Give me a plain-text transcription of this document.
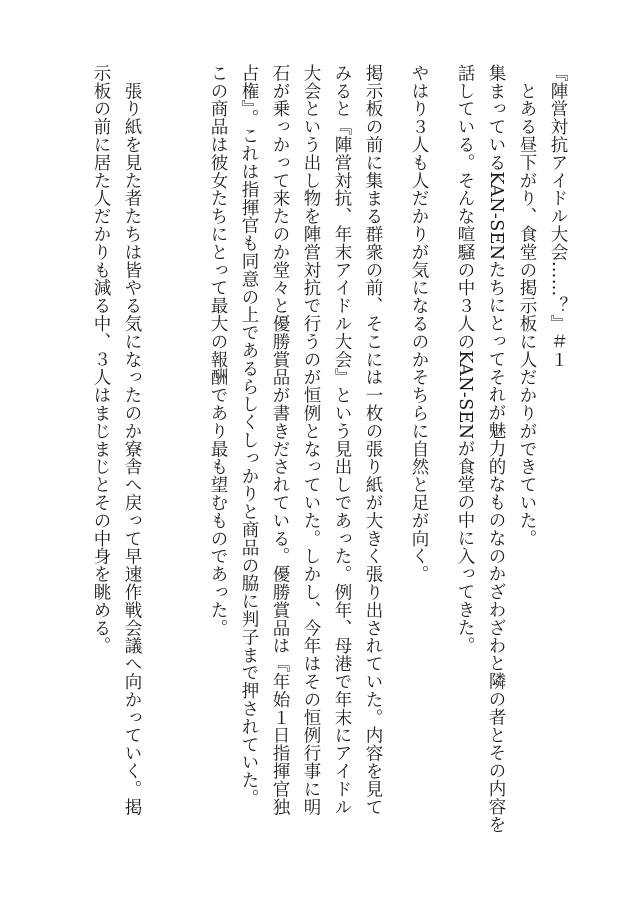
『陣営対抗アイドル大会……？』＃１
　とある昼下がり、食堂の掲示板に人だかりができていた。
集まっているKAN-SENたちにとってそれが魅力的なものなのかざわざわと隣の者とその内容を
話している。そんな喧騒の中３人のKAN-SENが食堂の中に入ってきた。
やはり３人も人だかりが気になるのかそちらに自然と足が向く。
掲示板の前に集まる群衆の前、そこには一枚の張り紙が大きく張り出されていた。内容を見て
みると『陣営対抗、年末アイドル大会』という見出しであった。例年、母港で年末にアイドル
大会という出し物を陣営対抗で行うのが恒例となっていた。しかし、今年はその恒例行事に明
石が乗っかって来たのか堂々と優勝賞品が書きだされている。優勝賞品は『年始１日指揮官独
占権』。これは指揮官も同意の上であるらしくしっかりと商品の脇に判子まで押されていた。
この商品は彼女たちにとって最大の報酬であり最も望むものであった。
　張り紙を見た者たちは皆やる気になったのか寮舎へ戻って早速作戦会議へ向かっていく。掲
示板の前に居た人だかりも減る中、３人はまじまじとその中身を眺める。
